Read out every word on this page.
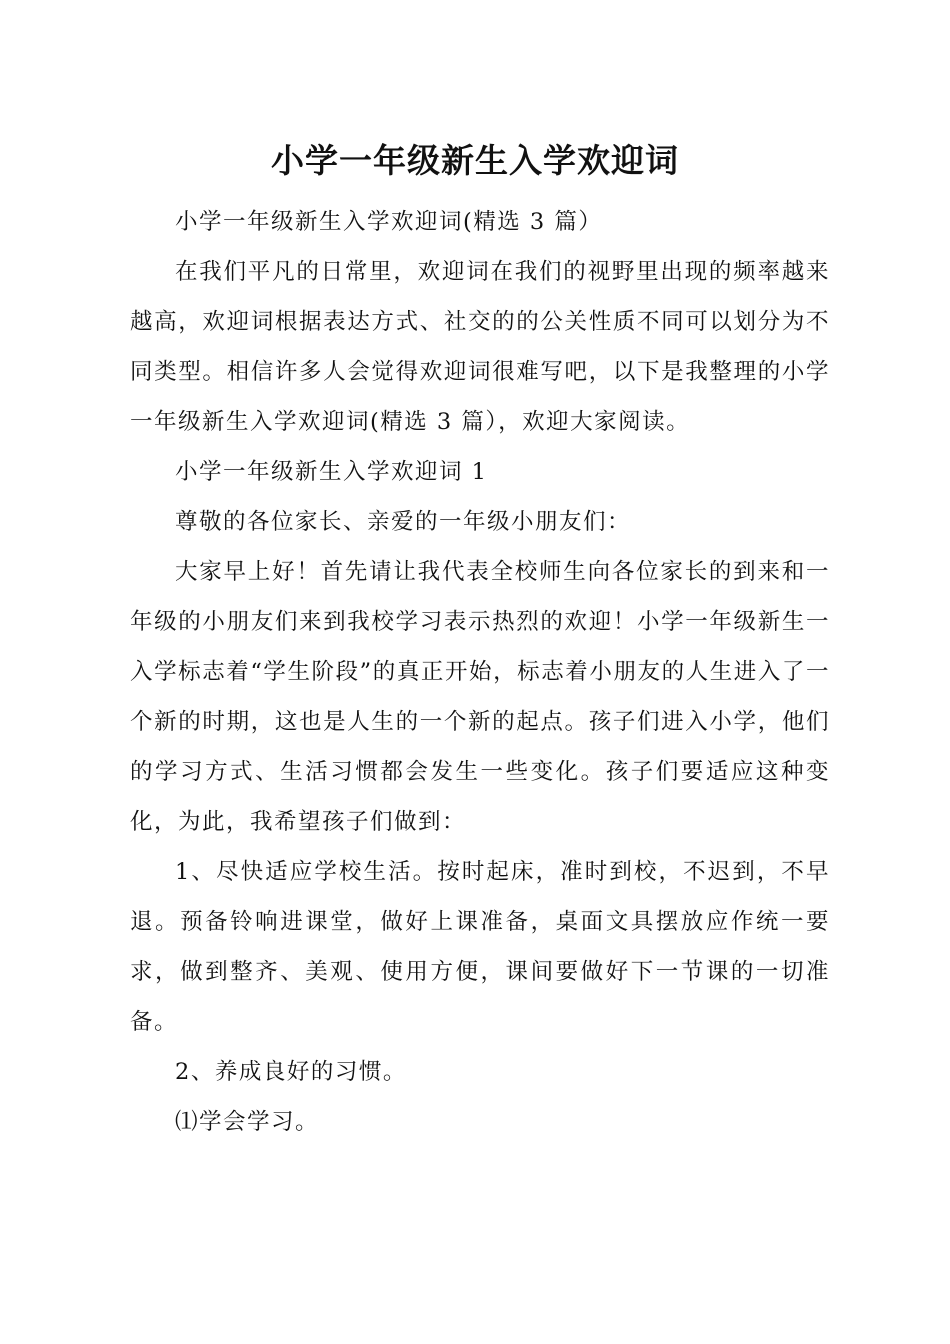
小学一年级新生入学欢迎词

小学一年级新生入学欢迎词(精选 3 篇）

在我们平凡的日常里，欢迎词在我们的视野里出现的频率越来越高，欢迎词根据表达方式、社交的的公关性质不同可以划分为不同类型。相信许多人会觉得欢迎词很难写吧，以下是我整理的小学一年级新生入学欢迎词(精选 3 篇），欢迎大家阅读。

小学一年级新生入学欢迎词 1

尊敬的各位家长、亲爱的一年级小朋友们：

大家早上好！首先请让我代表全校师生向各位家长的到来和一年级的小朋友们来到我校学习表示热烈的欢迎！小学一年级新生一入学标志着“学生阶段”的真正开始，标志着小朋友的人生进入了一个新的时期，这也是人生的一个新的起点。孩子们进入小学，他们的学习方式、生活习惯都会发生一些变化。孩子们要适应这种变化，为此，我希望孩子们做到：

1、尽快适应学校生活。按时起床，准时到校，不迟到，不早退。预备铃响进课堂，做好上课准备，桌面文具摆放应作统一要求，做到整齐、美观、使用方便，课间要做好下一节课的一切准备。

2、养成良好的习惯。

⑴学会学习。
